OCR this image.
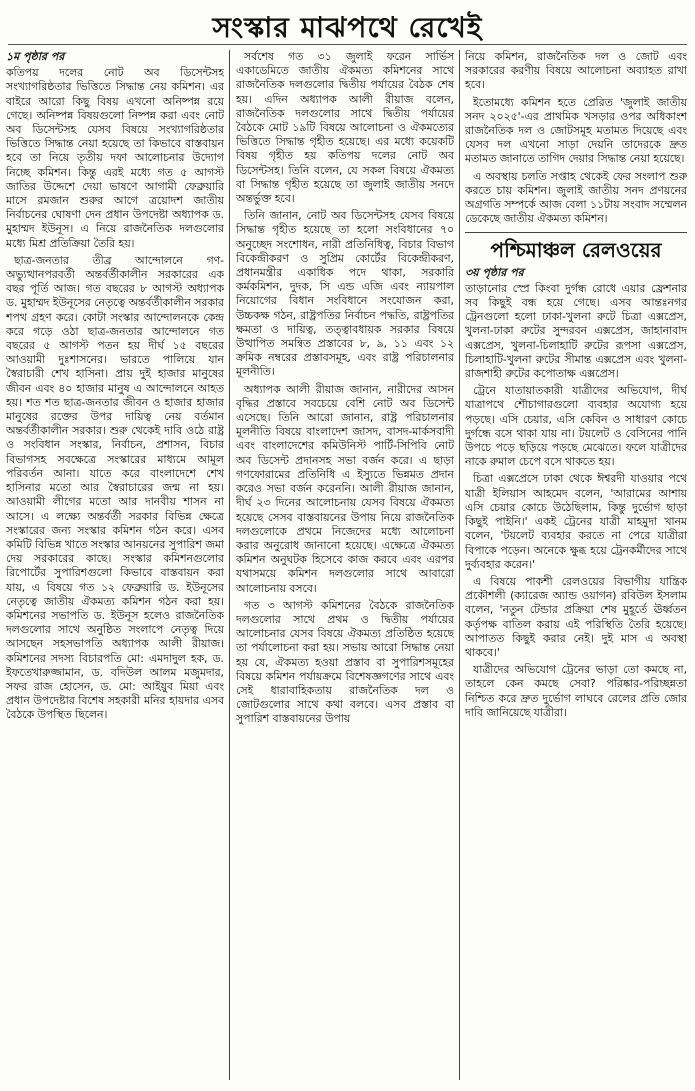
সংস্কার মাঝপথে রেখেই
১ম পৃষ্ঠার পর

কতিপয় দলের নোট অব ডিসেন্টসহ সংখ্যাগরিষ্ঠতার ভিত্তিতে সিদ্ধান্ত নেয় কমিশন। এর বাইরে আরো কিছু বিষয় এখনো অনিষ্পন্ন রয়ে গেছে। অনিষ্পন্ন বিষয়গুলো নিষ্পন্ন করা এবং নোট অব ডিসেন্টসহ যেসব বিষয়ে সংখ্যাগরিষ্ঠতার ভিত্তিতে সিদ্ধান্ত নেয়া হয়েছে তা কিভাবে বাস্তবায়ন হবে তা নিয়ে তৃতীয় দফা আলোচনার উদ্যোগ নিচ্ছে কমিশন। কিন্তু এরই মধ্যে গত ৫ আগস্ট জাতির উদ্দেশে দেয়া ভাষণে আগামী ফেব্রুয়ারি মাসে রমজান শুরুর আগে ত্রয়োদশ জাতীয় নির্বাচনের ঘোষণা দেন প্রধান উপদেষ্টা অধ্যাপক ড. মুহাম্মদ ইউনূস। এ নিয়ে রাজনৈতিক দলগুলোর মধ্যে মিশ্র প্রতিক্রিয়া তৈরি হয়।

ছাত্র-জনতার তীব্র আন্দোলনে গণ-অভ্যুত্থানপরবর্তী অন্তর্বর্তীকালীন সরকারের এক বছর পূর্তি আজ। গত বছরের ৮ আগস্ট অধ্যাপক ড. মুহাম্মদ ইউনূসের নেতৃত্বে অন্তর্বর্তীকালীন সরকার শপথ গ্রহণ করে। কোটা সংস্কার আন্দোলনকে কেন্দ্র করে গড়ে ওঠা ছাত্র-জনতার আন্দোলনে গত বছরের ৫ আগস্ট পতন হয় দীর্ঘ ১৫ বছরের আওয়ামী দুঃশাসনের। ভারতে পালিয়ে যান স্বৈরাচারী শেখ হাসিনা। প্রায় দুই হাজার মানুষের জীবন এবং ৪০ হাজার মানুষ এ আন্দোলনে আহত হয়। শত শত ছাত্র-জনতার জীবন ও হাজার হাজার মানুষের রক্তের উপর দায়িত্ব নেয় বর্তমান অন্তর্বর্তীকালীন সরকার। শুরু থেকেই দাবি ওঠে রাষ্ট্র ও সংবিধান সংস্কার, নির্বাচন, প্রশাসন, বিচার বিভাগসহ সবক্ষেত্রে সংস্কারের মাধ্যমে আমূল পরিবর্তন আনা। যাতে করে বাংলাদেশে শেখ হাসিনার মতো আর স্বৈরাচারের জন্ম না হয়। আওয়ামী লীগের মতো আর দানবীয় শাসন না আসে। এ লক্ষ্যে অন্তর্বর্তী সরকার বিভিন্ন ক্ষেত্রে সংস্কারের জন্য সংস্কার কমিশন গঠন করে। এসব কমিটি বিভিন্ন খাতে সংস্কার আনয়নের সুপারিশ জমা দেয় সরকারের কাছে। সংস্কার কমিশনগুলোর রিপোর্টের সুপারিশগুলো কিভাবে বাস্তবায়ন করা যায়, এ বিষয়ে গত ১২ ফেব্রুয়ারি ড. ইউনূসের নেতৃত্বে জাতীয় ঐকমত্য কমিশন গঠন করা হয়। কমিশনের সভাপতি ড. ইউনূস হলেও রাজনৈতিক দলগুলোর সাথে অনুষ্ঠিত সংলাপে নেতৃত্ব দিয়ে আসছেন সহসভাপতি অধ্যাপক আলী রীয়াজ। কমিশনের সদস্য বিচারপতি মো: এমদাদুল হক, ড. ইফতেখারুজ্জামান, ড. বদিউল আলম মজুমদার, সফর রাজ হোসেন, ড. মো: আইয়ুব মিয়া এবং প্রধান উপদেষ্টার বিশেষ সহকারী মনির হায়দার এসব বৈঠকে উপস্থিত ছিলেন।

সর্বশেষ গত ৩১ জুলাই ফরেন সার্ভিস একাডেমিতে জাতীয় ঐকমত্য কমিশনের সাথে রাজনৈতিক দলগুলোর দ্বিতীয় পর্যায়ের বৈঠক শেষ হয়। এদিন অধ্যাপক আলী রীয়াজ বলেন, রাজনৈতিক দলগুলোর সাথে দ্বিতীয় পর্যায়ের বৈঠকে মোট ১৯টি বিষয়ে আলোচনা ও ঐকমত্যের ভিত্তিতে সিদ্ধান্ত গৃহীত হয়েছে। এর মধ্যে কয়েকটি বিষয় গৃহীত হয় কতিপয় দলের নোট অব ডিসেন্টসহ। তিনি বলেন, যে সকল বিষয়ে ঐকমত্য বা সিদ্ধান্ত গৃহীত হয়েছে তা জুলাই জাতীয় সনদে অন্তর্ভুক্ত হবে।

তিনি জানান, নোট অব ডিসেন্টসহ যেসব বিষয়ে সিদ্ধান্ত গৃহীত হয়েছে তা হলো সংবিধানের ৭০ অনুচ্ছেদ সংশোধন, নারী প্রতিনিধিত্ব, বিচার বিভাগ বিকেন্দ্রীকরণ ও সুপ্রিম কোর্টের বিকেন্দ্রীকরণ, প্রধানমন্ত্রীর একাধিক পদে থাকা, সরকারি কর্মকমিশন, দুদক, সি এন্ড এজি এবং ন্যায়পাল নিয়োগের বিধান সংবিধানে সংযোজন করা, উচ্চকক্ষ গঠন, রাষ্ট্রপতির নির্বাচন পদ্ধতি, রাষ্ট্রপতির ক্ষমতা ও দায়িত্ব, তত্ত্বাবধায়ক সরকার বিষয়ে উত্থাপিত সমন্বিত প্রস্তাবের ৮, ৯, ১১ এবং ১২ ক্রমিক নম্বরের প্রস্তাবসমূহ, এবং রাষ্ট্র পরিচালনার মূলনীতি।

অধ্যাপক আলী রীয়াজ জানান, নারীদের আসন বৃদ্ধির প্রস্তাবে সবচেয়ে বেশি নোট অব ডিসেন্ট এসেছে। তিনি আরো জানান, রাষ্ট্র পরিচালনার মূলনীতি বিষয়ে বাংলাদেশ জাসদ, বাসদ-মার্কসবাদী এবং বাংলাদেশের কমিউনিস্ট পার্টি-সিপিবি নোট অব ডিসেন্ট প্রদানসহ সভা বর্জন করে। এ ছাড়া গণফোরামের প্রতিনিধি এ ইস্যুতে ভিন্নমত প্রদান করেও সভা বর্জন করেননি। আলী রীয়াজ জানান, দীর্ঘ ২৩ দিনের আলোচনায় যেসব বিষয়ে ঐকমত্য হয়েছে সেসব বাস্তবায়নের উপায় নিয়ে রাজনৈতিক দলগুলোকে প্রথমে নিজেদের মধ্যে আলোচনা করার অনুরোধ জানানো হয়েছে। এক্ষেত্রে ঐকমত্য কমিশন অনুঘটক হিসেবে কাজ করবে এবং এরপর যথাসময়ে কমিশন দলগুলোর সাথে আবারো আলোচনায় বসবে।

গত ৩ আগস্ট কমিশনের বৈঠকে রাজনৈতিক দলগুলোর সাথে প্রথম ও দ্বিতীয় পর্যায়ের আলোচনার যেসব বিষয়ে ঐকমত্য প্রতিষ্ঠিত হয়েছে তা পর্যালোচনা করা হয়। সভায় আরো সিদ্ধান্ত নেয়া হয় যে, ঐকমত্য হওয়া প্রস্তাব বা সুপারিশসমূহের বিষয়ে কমিশন পর্যায়ক্রমে বিশেষজ্ঞগণের সাথে এবং সেই ধারাবাহিকতায় রাজনৈতিক দল ও জোটগুলোর সাথে কথা বলবে। এসব প্রস্তাব বা সুপারিশ বাস্তবায়নের উপায়

নিয়ে কমিশন, রাজনৈতিক দল ও জোট এবং সরকারের করণীয় বিষয়ে আলোচনা অব্যাহত রাখা হবে।

ইতোমধ্যে কমিশন হতে প্রেরিত 'জুলাই জাতীয় সনদ ২০২৫'-এর প্রাথমিক খসড়ার ওপর অধিকাংশ রাজনৈতিক দল ও জোটসমূহ মতামত দিয়েছে এবং যেসব দল এখনো সাড়া দেয়নি তাদেরকে দ্রুত মতামত জানাতে তাগিদ দেয়ার সিদ্ধান্ত নেয়া হয়েছে।

এ অবস্থায় চলতি সপ্তাহ থেকেই ফের সংলাপ শুরু করতে চায় কমিশন। জুলাই জাতীয় সনদ প্রণয়নের অগ্রগতি সম্পর্কে আজ বেলা ১১টায় সংবাদ সম্মেলন ডেকেছে জাতীয় ঐকমত্য কমিশন।

পশ্চিমাঞ্চল রেলওয়ের
৩য় পৃষ্ঠার পর

তাড়ানোর স্প্রে কিংবা দুর্গন্ধ রোধে এয়ার ফ্রেশনার সব কিছুই বন্ধ হয়ে গেছে। এসব আন্তঃনগর ট্রেনগুলো হলো ঢাকা-খুলনা রুটে চিত্রা এক্সপ্রেস, খুলনা-ঢাকা রুটের সুন্দরবন এক্সপ্রেস, জাহানাবাদ এক্সপ্রেস, খুলনা-চিলাহাটি রুটের রূপসা এক্সপ্রেস, চিলাহাটি-খুলনা রুটের সীমান্ত এক্সপ্রেস এবং খুলনা-রাজশাহী রুটের কপোতাক্ষ এক্সপ্রেস।

ট্রেনে যাতায়াতকারী যাত্রীদের অভিযোগ, দীর্ঘ যাত্রাপথে শৌচাগারগুলো ব্যবহার অযোগ্য হয়ে পড়ছে। এসি চেয়ার, এসি কেবিন ও সাধারণ কোচে দুর্গন্ধে বসে থাকা যায় না। টয়লেট ও বেসিনের পানি উপচে পড়ে ছড়িয়ে পড়ছে মেঝেতে। ফলে যাত্রীদের নাকে রুমাল চেপে বসে থাকতে হয়।

চিত্রা এক্সপ্রেসে ঢাকা থেকে ঈশ্বরদী যাওয়ার পথে যাত্রী ইলিয়াস আহমেদ বলেন, 'আরামের আশায় এসি চেয়ার কোচে উঠেছিলাম, কিন্তু দুর্ভোগ ছাড়া কিছুই পাইনি।' একই ট্রেনের যাত্রী মাহমুদা খানম বলেন, 'টয়লেট ব্যবহার করতে না পেরে যাত্রীরা বিপাকে পড়েন। অনেকে ক্ষুব্ধ হয়ে ট্রেনকর্মীদের সাথে দুর্ব্যবহার করেন।'

এ বিষয়ে পাকশী রেলওয়ের বিভাগীয় যান্ত্রিক প্রকৌশলী (ক্যারেজ অ্যান্ড ওয়াগন) রবিউল ইসলাম বলেন, 'নতুন টেন্ডার প্রক্রিয়া শেষ মুহূর্তে ঊর্ধ্বতন কর্তৃপক্ষ বাতিল করায় এই পরিস্থিতি তৈরি হয়েছে। আপাতত কিছুই করার নেই। দুই মাস এ অবস্থা থাকবে।'

যাত্রীদের অভিযোগ ট্রেনের ভাড়া তো কমছে না, তাহলে কেন কমছে সেবা? পরিষ্কার-পরিচ্ছন্নতা নিশ্চিত করে দ্রুত দুর্ভোগ লাঘবে রেলের প্রতি জোর দাবি জানিয়েছে যাত্রীরা।
